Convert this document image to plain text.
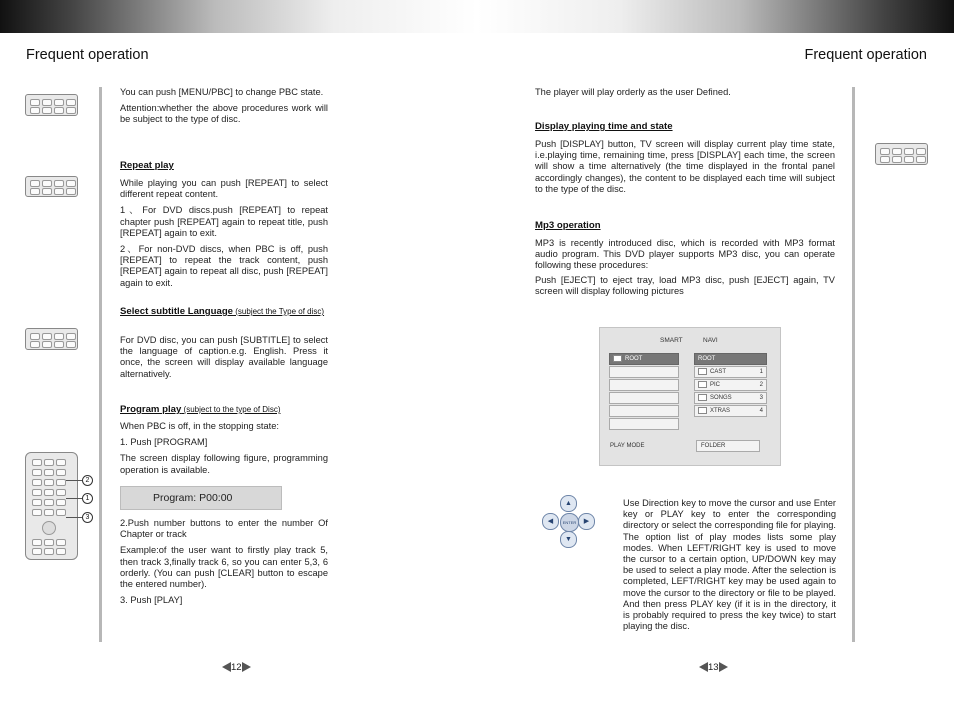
Frequent operation	Frequent operation
2
1
3

You can push [MENU/PBC] to change PBC state.

Attention:whether the above procedures work will be subject to the type of disc.

Repeat play

While playing you can push [REPEAT] to select different repeat content.

1、For DVD discs.push [REPEAT] to repeat chapter push [REPEAT] again to repeat title, push [REPEAT] again to exit.

2、For non-DVD discs, when PBC is off, push [REPEAT] to repeat the track content, push [REPEAT] again to repeat all disc, push [REPEAT] again to exit.

Select subtitle Language (subject the Type of disc)

For DVD disc, you can push [SUBTITLE] to select the language of caption.e.g. English. Press it once, the screen will display available language alternatively.

Program play (subject to the type of Disc)

When PBC is off, in the stopping state:

1. Push [PROGRAM]

The screen display following figure, programming operation is available.

Program: P00:00

2.Push number buttons to enter the number Of Chapter or track

Example:of the user want to firstly play track 5, then track 3,finally track 6, so you can enter 5,3, 6 orderly. (You can push [CLEAR] button to escape the entered number).

3. Push [PLAY]

12
The player will play orderly as the user Defined.
Display playing time and state
Push [DISPLAY] button, TV screen will display current play time state, i.e.playing time, remaining time, press [DISPLAY] each time, the screen will show a time alternatively (the time displayed in the frontal panel accordingly changes), the content to be displayed each time will subject to the type of the disc.
Mp3 operation

MP3 is recently introduced disc, which is recorded with MP3 format audio program. This DVD player supports MP3 disc, you can operate following these procedures:

Push [EJECT] to eject tray, load MP3 disc, push [EJECT] again, TV screen will display following pictures

SMART	NAVI
ROOT	ROOT
CAST	1
PIC	2
SONGS	3
XTRAS	4
PLAY MODE	FOLDER
▲
◀	ENTER	▶
▼
Use Direction key to move the cursor and use Enter key or PLAY key to enter the corresponding directory or select the corresponding file for playing. The option list of play modes lists some play modes. When LEFT/RIGHT key is used to move the cursor to a certain option, UP/DOWN key may be used to select a play mode. After the selection is completed, LEFT/RIGHT key may be used again to move the cursor to the directory or file to be played. And then press PLAY key (if it is in the directory, it is probably required to press the key twice) to start playing the disc.
13
